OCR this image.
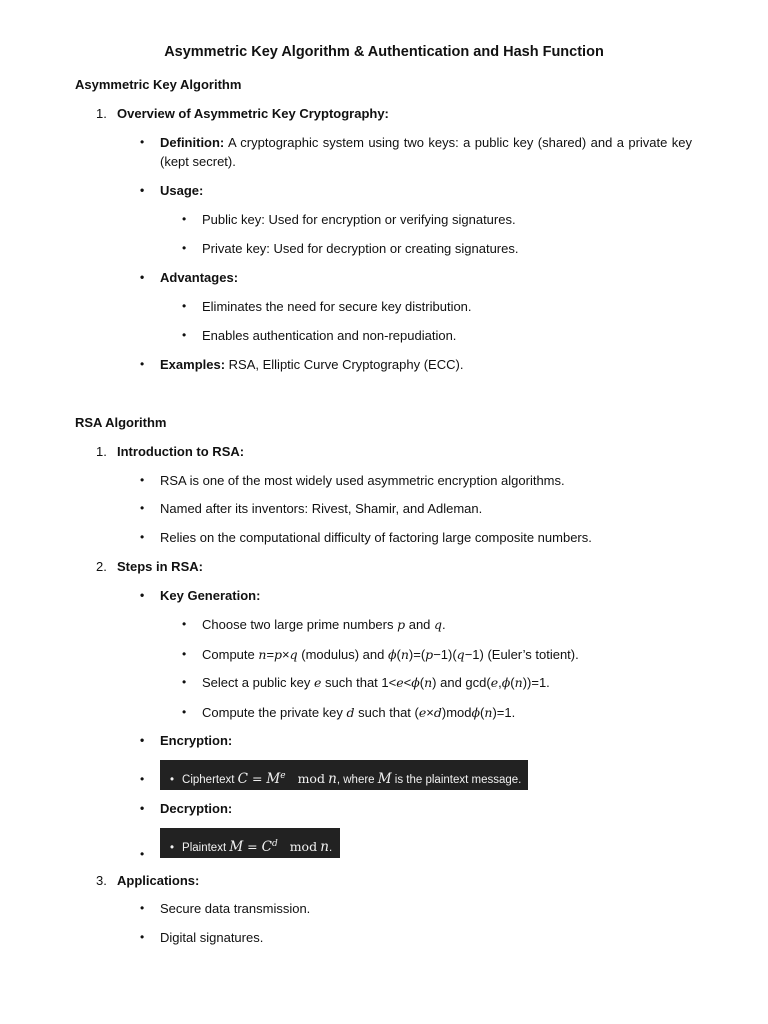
Asymmetric Key Algorithm & Authentication and Hash Function
Asymmetric Key Algorithm
1. Overview of Asymmetric Key Cryptography:
• Definition: A cryptographic system using two keys: a public key (shared) and a private key (kept secret).
• Usage:
• Public key: Used for encryption or verifying signatures.
• Private key: Used for decryption or creating signatures.
• Advantages:
• Eliminates the need for secure key distribution.
• Enables authentication and non-repudiation.
• Examples: RSA, Elliptic Curve Cryptography (ECC).
RSA Algorithm
1. Introduction to RSA:
• RSA is one of the most widely used asymmetric encryption algorithms.
• Named after its inventors: Rivest, Shamir, and Adleman.
• Relies on the computational difficulty of factoring large composite numbers.
2. Steps in RSA:
• Key Generation:
• Choose two large prime numbers p and q.
• Compute n=p×q (modulus) and ϕ(n)=(p−1)(q−1) (Euler’s totient).
• Select a public key e such that 1<e<ϕ(n) and gcd(e,ϕ(n))=1.
• Compute the private key d such that (e×d)modϕ(n)=1.
• Encryption:
•	• Ciphertext $C = M^e$ mod n, where M is the plaintext message.
• Decryption:
•	• Plaintext $M = C^d$ mod n.
3. Applications:
• Secure data transmission.
• Digital signatures.
